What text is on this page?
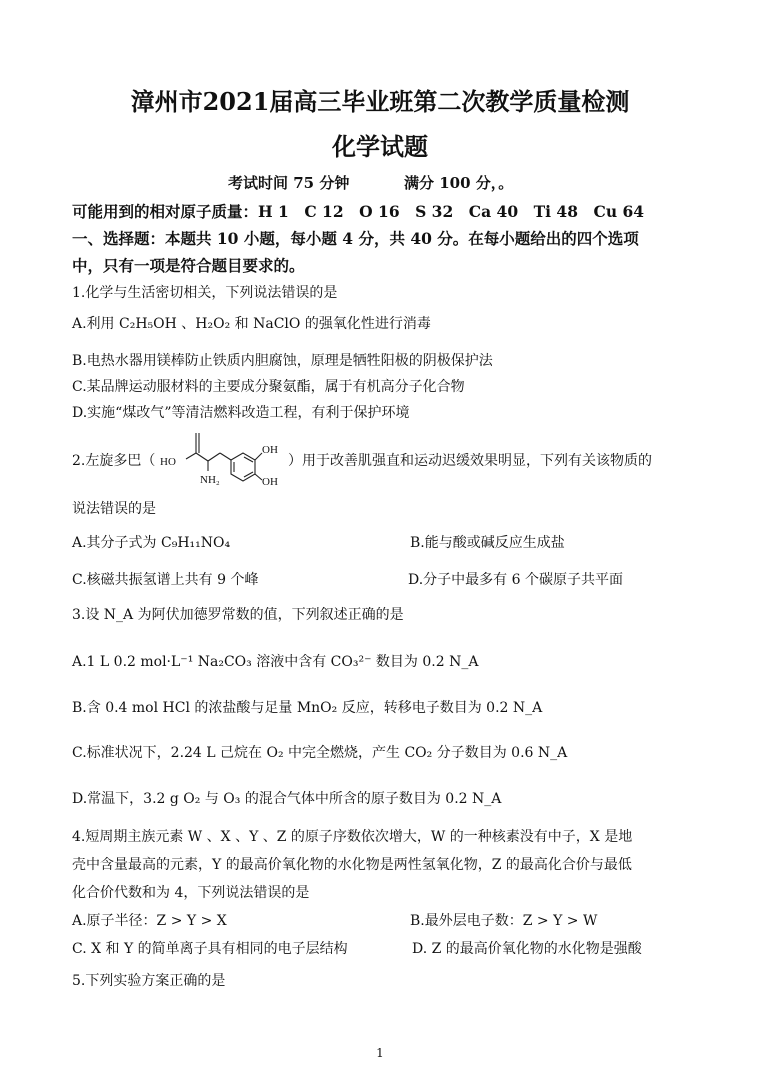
漳州市2021届高三毕业班第二次教学质量检测
化学试题
考试时间 75 分钟	满分 100 分，。
可能用到的相对原子质量：H 1　C 12　O 16　S 32　Ca 40　Ti 48　Cu 64
一、选择题：本题共 10 小题，每小题 4 分，共 40 分。在每小题给出的四个选项
中，只有一项是符合题目要求的。
1.化学与生活密切相关，下列说法错误的是
A.利用 C₂H₅OH 、H₂O₂ 和 NaClO 的强氧化性进行消毒
B.电热水器用镁棒防止铁质内胆腐蚀，原理是牺牲阳极的阴极保护法
C.某品牌运动服材料的主要成分聚氨酯，属于有机高分子化合物
D.实施“煤改气”等清洁燃料改造工程，有利于保护环境
2.左旋多巴（ HO
NH₂
OH
OH
）用于改善肌强直和运动迟缓效果明显，下列有关该物质的
说法错误的是
A.其分子式为 C₉H₁₁NO₄	B.能与酸或碱反应生成盐
C.核磁共振氢谱上共有 9 个峰	D.分子中最多有 6 个碳原子共平面
3.设 N_A 为阿伏加德罗常数的值，下列叙述正确的是
A.1 L 0.2 mol·L⁻¹ Na₂CO₃ 溶液中含有 CO₃²⁻ 数目为 0.2 N_A
B.含 0.4 mol HCl 的浓盐酸与足量 MnO₂ 反应，转移电子数目为 0.2 N_A
C.标准状况下，2.24 L 己烷在 O₂ 中完全燃烧，产生 CO₂ 分子数目为 0.6 N_A
D.常温下，3.2 g O₂ 与 O₃ 的混合气体中所含的原子数目为 0.2 N_A
4.短周期主族元素 W 、X 、Y 、Z 的原子序数依次增大，W 的一种核素没有中子，X 是地
壳中含量最高的元素，Y 的最高价氧化物的水化物是两性氢氧化物，Z 的最高化合价与最低
化合价代数和为 4，下列说法错误的是
A.原子半径：Z > Y > X	B.最外层电子数：Z > Y > W
C. X 和 Y 的简单离子具有相同的电子层结构	D. Z 的最高价氧化物的水化物是强酸
5.下列实验方案正确的是
1
